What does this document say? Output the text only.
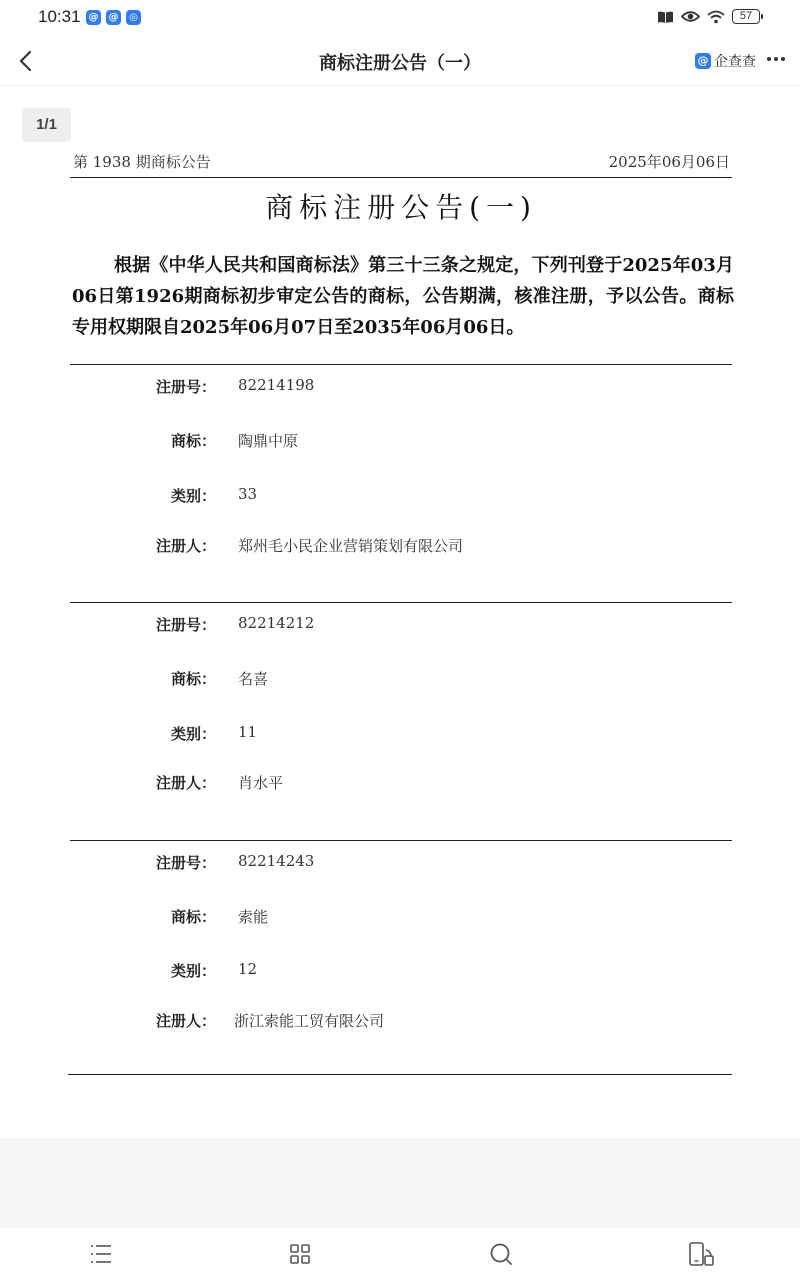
10:31 @ @	◎	57
商标注册公告（一）	@ 企查查
1/1
第 1938 期商标公告	2025年06月06日
商标注册公告(一)
根据《中华人民共和国商标法》第三十三条之规定，下列刊登于2025年03月06日第1926期商标初步审定公告的商标，公告期满，核准注册，予以公告。商标专用权期限自2025年06月07日至2035年06月06日。
注册号： 82214198
商标： 陶鼎中原
类别： 33
注册人： 郑州毛小民企业营销策划有限公司
注册号： 82214212
商标： 名喜
类别： 11
注册人： 肖水平
注册号： 82214243
商标： 索能
类别： 12
注册人： 浙江索能工贸有限公司
